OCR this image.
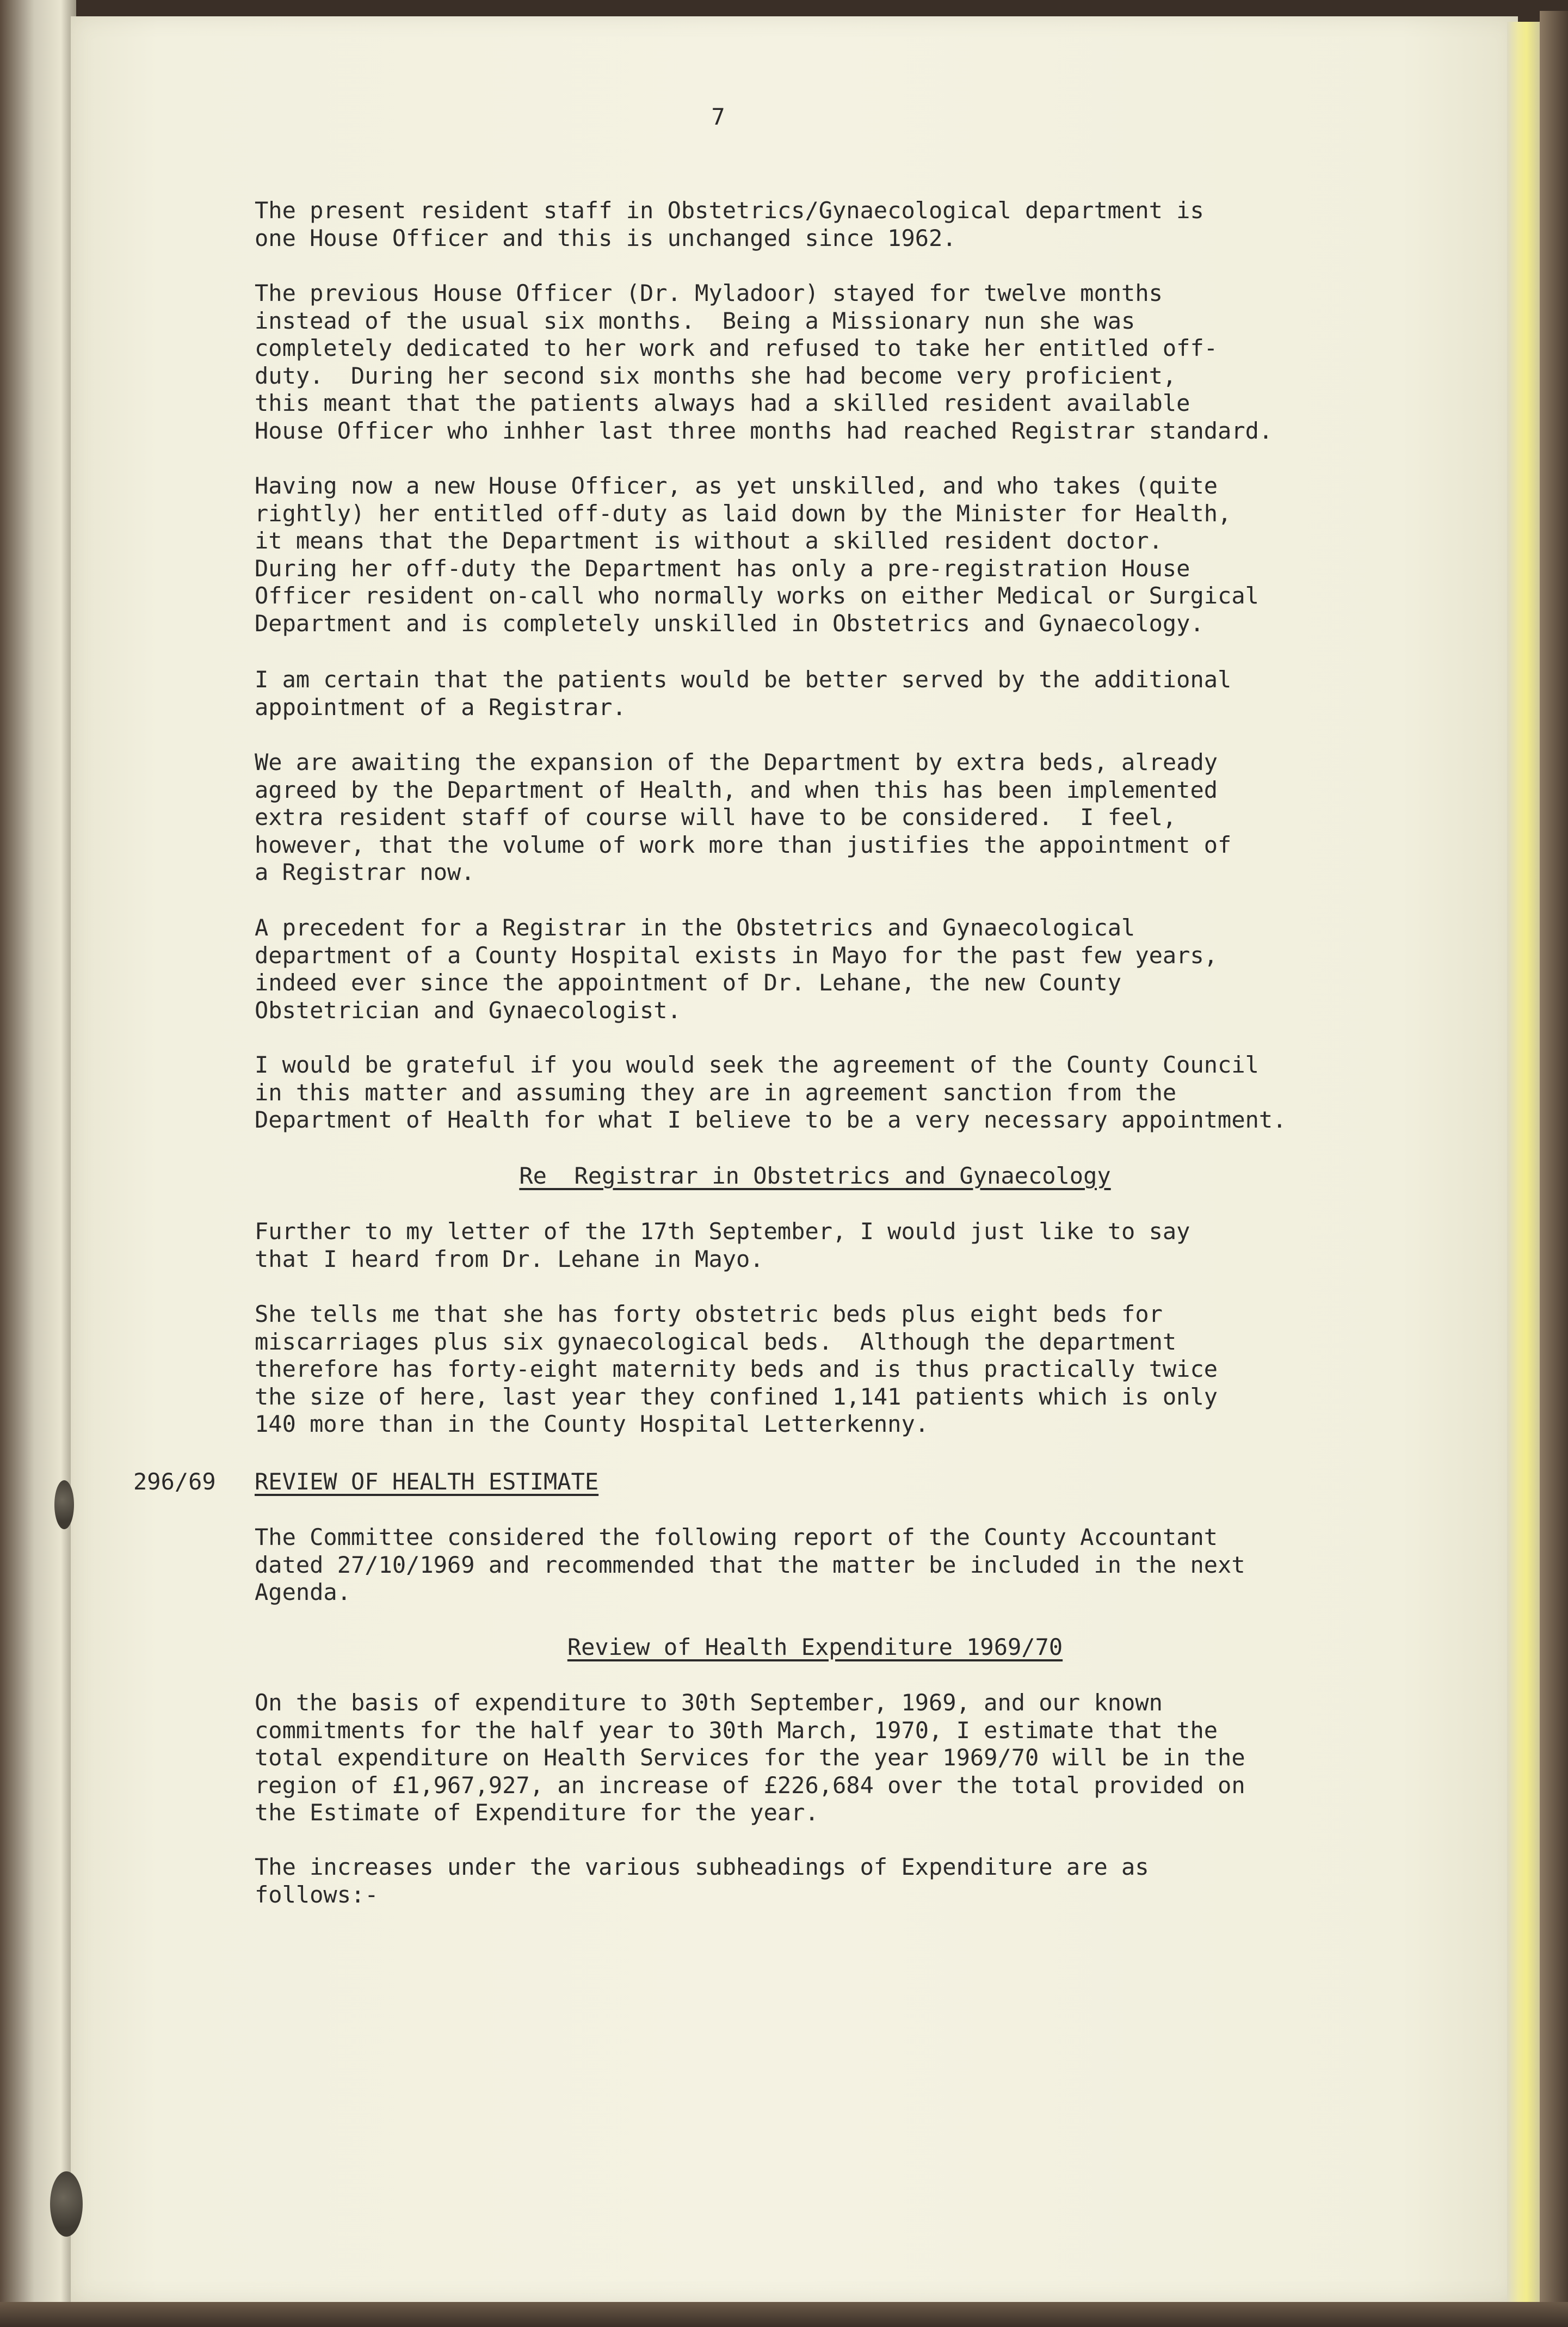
7

The present resident staff in Obstetrics/Gynaecological department is
one House Officer and this is unchanged since 1962.

The previous House Officer (Dr. Myladoor) stayed for twelve months
instead of the usual six months.  Being a Missionary nun she was
completely dedicated to her work and refused to take her entitled off-
duty.  During her second six months she had become very proficient,
this meant that the patients always had a skilled resident available
House Officer who inhher last three months had reached Registrar standard.

Having now a new House Officer, as yet unskilled, and who takes (quite
rightly) her entitled off-duty as laid down by the Minister for Health,
it means that the Department is without a skilled resident doctor.
During her off-duty the Department has only a pre-registration House
Officer resident on-call who normally works on either Medical or Surgical
Department and is completely unskilled in Obstetrics and Gynaecology.

I am certain that the patients would be better served by the additional
appointment of a Registrar.

We are awaiting the expansion of the Department by extra beds, already
agreed by the Department of Health, and when this has been implemented
extra resident staff of course will have to be considered.  I feel,
however, that the volume of work more than justifies the appointment of
a Registrar now.

A precedent for a Registrar in the Obstetrics and Gynaecological
department of a County Hospital exists in Mayo for the past few years,
indeed ever since the appointment of Dr. Lehane, the new County
Obstetrician and Gynaecologist.

I would be grateful if you would seek the agreement of the County Council
in this matter and assuming they are in agreement sanction from the
Department of Health for what I believe to be a very necessary appointment.

Re  Registrar in Obstetrics and Gynaecology

Further to my letter of the 17th September, I would just like to say
that I heard from Dr. Lehane in Mayo.

She tells me that she has forty obstetric beds plus eight beds for
miscarriages plus six gynaecological beds.  Although the department
therefore has forty-eight maternity beds and is thus practically twice
the size of here, last year they confined 1,141 patients which is only
140 more than in the County Hospital Letterkenny.

296/69 REVIEW OF HEALTH ESTIMATE

The Committee considered the following report of the County Accountant
dated 27/10/1969 and recommended that the matter be included in the next
Agenda.

Review of Health Expenditure 1969/70

On the basis of expenditure to 30th September, 1969, and our known
commitments for the half year to 30th March, 1970, I estimate that the
total expenditure on Health Services for the year 1969/70 will be in the
region of £1,967,927, an increase of £226,684 over the total provided on
the Estimate of Expenditure for the year.

The increases under the various subheadings of Expenditure are as
follows:-
